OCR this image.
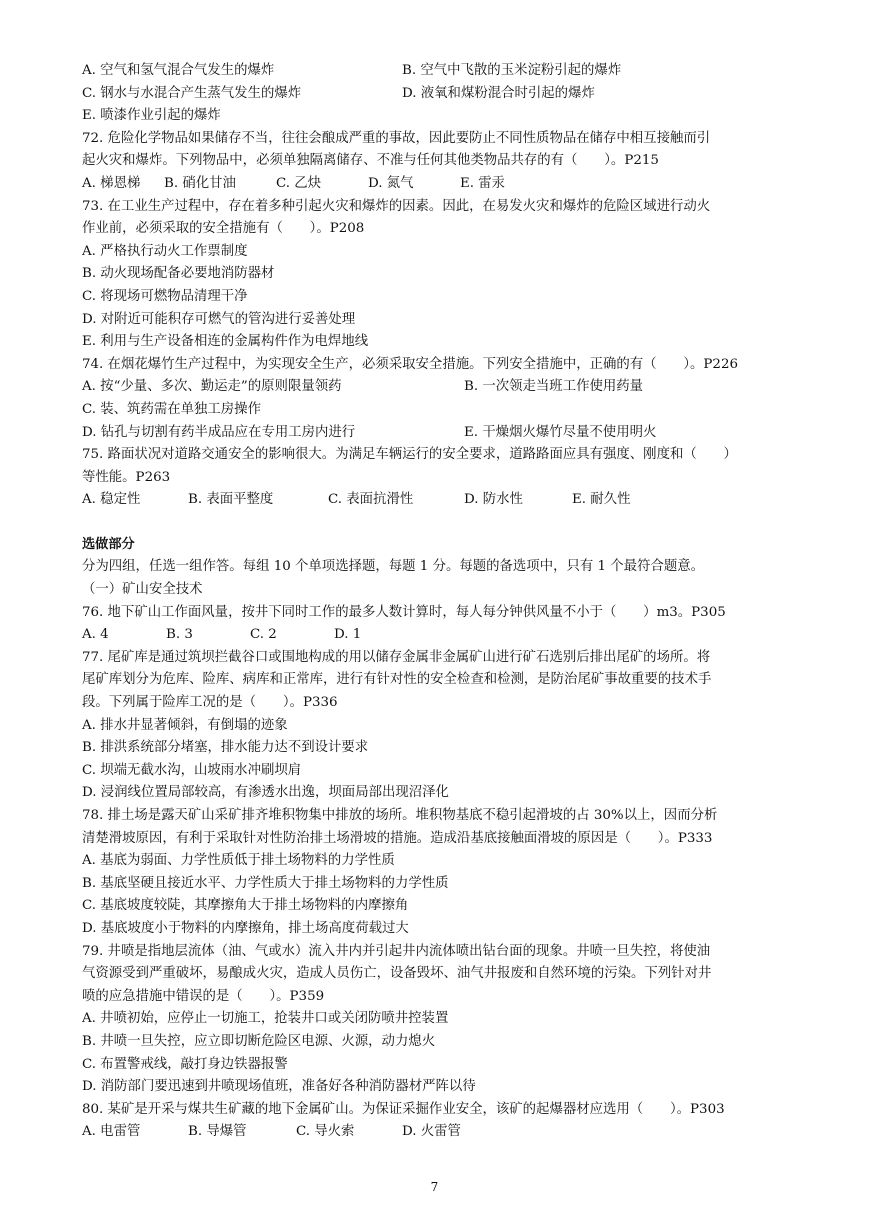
A. 空气和氢气混合气发生的爆炸	B. 空气中飞散的玉米淀粉引起的爆炸
C. 钢水与水混合产生蒸气发生的爆炸	D. 液氧和煤粉混合时引起的爆炸
E. 喷漆作业引起的爆炸
72. 危险化学物品如果储存不当，往往会酿成严重的事故，因此要防止不同性质物品在储存中相互接触而引
起火灾和爆炸。下列物品中，必须单独隔离储存、不准与任何其他类物品共存的有（　　）。P215
A. 梯恩梯	B. 硝化甘油	C. 乙炔	D. 氮气	E. 雷汞
73. 在工业生产过程中，存在着多种引起火灾和爆炸的因素。因此，在易发火灾和爆炸的危险区域进行动火
作业前，必须采取的安全措施有（　　）。P208
A. 严格执行动火工作票制度
B. 动火现场配备必要地消防器材
C. 将现场可燃物品清理干净
D. 对附近可能积存可燃气的管沟进行妥善处理
E. 利用与生产设备相连的金属构件作为电焊地线
74. 在烟花爆竹生产过程中，为实现安全生产，必须采取安全措施。下列安全措施中，正确的有（　　）。P226
A. 按“少量、多次、勤运走”的原则限量领药	B. 一次领走当班工作使用药量
C. 装、筑药需在单独工房操作
D. 钻孔与切割有药半成品应在专用工房内进行	E. 干燥烟火爆竹尽量不使用明火
75. 路面状况对道路交通安全的影响很大。为满足车辆运行的安全要求，道路路面应具有强度、刚度和（　　）
等性能。P263
A. 稳定性	B. 表面平整度	C. 表面抗滑性	D. 防水性	E. 耐久性
选做部分
分为四组，任选一组作答。每组 10 个单项选择题，每题 1 分。每题的备选项中，只有 1 个最符合题意。
（一）矿山安全技术
76. 地下矿山工作面风量，按井下同时工作的最多人数计算时，每人每分钟供风量不小于（　　）m3。P305
A. 4	B. 3	C. 2	D. 1
77. 尾矿库是通过筑坝拦截谷口或围地构成的用以储存金属非金属矿山进行矿石选别后排出尾矿的场所。将
尾矿库划分为危库、险库、病库和正常库，进行有针对性的安全检查和检测，是防治尾矿事故重要的技术手
段。下列属于险库工况的是（　　）。P336
A. 排水井显著倾斜，有倒塌的迹象
B. 排洪系统部分堵塞，排水能力达不到设计要求
C. 坝端无截水沟，山坡雨水冲刷坝肩
D. 浸润线位置局部较高，有渗透水出逸，坝面局部出现沼泽化
78. 排土场是露天矿山采矿排齐堆积物集中排放的场所。堆积物基底不稳引起滑坡的占 30%以上，因而分析
清楚滑坡原因，有利于采取针对性防治排土场滑坡的措施。造成沿基底接触面滑坡的原因是（　　）。P333
A. 基底为弱面、力学性质低于排土场物料的力学性质
B. 基底坚硬且接近水平、力学性质大于排土场物料的力学性质
C. 基底坡度较陡，其摩擦角大于排土场物料的内摩擦角
D. 基底坡度小于物料的内摩擦角，排土场高度荷载过大
79. 井喷是指地层流体（油、气或水）流入井内并引起井内流体喷出钻台面的现象。井喷一旦失控，将使油
气资源受到严重破坏，易酿成火灾，造成人员伤亡，设备毁坏、油气井报废和自然环境的污染。下列针对井
喷的应急措施中错误的是（　　）。P359
A. 井喷初始，应停止一切施工，抢装井口或关闭防喷井控装置
B. 井喷一旦失控，应立即切断危险区电源、火源，动力熄火
C. 布置警戒线，敲打身边铁器报警
D. 消防部门要迅速到井喷现场值班，准备好各种消防器材严阵以待
80. 某矿是开采与煤共生矿藏的地下金属矿山。为保证采掘作业安全，该矿的起爆器材应选用（　　）。P303
A. 电雷管	B. 导爆管	C. 导火索	D. 火雷管
7
